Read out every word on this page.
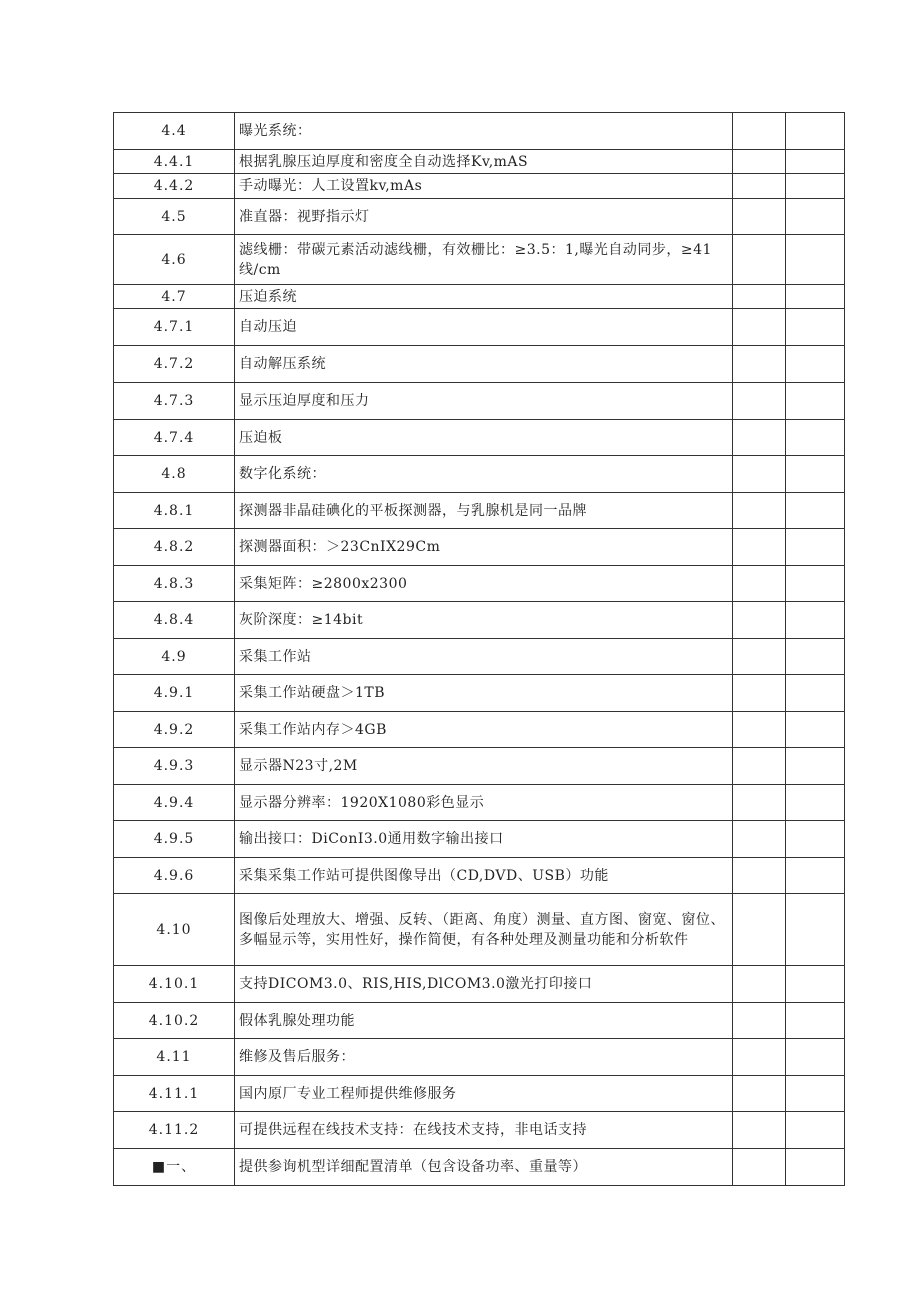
4.4	曝光系统：		
4.4.1	根据乳腺压迫厚度和密度全自动选择Kv,mAS		
4.4.2	手动曝光：人工设置kv,mAs		
4.5	准直器：视野指示灯		
4.6	滤线栅：带碳元素活动滤线栅，有效栅比：≥3.5：1,曝光自动同步，≥41线/cm		
4.7	压迫系统		
4.7.1	自动压迫		
4.7.2	自动解压系统		
4.7.3	显示压迫厚度和压力		
4.7.4	压迫板		
4.8	数字化系统：		
4.8.1	探测器非晶硅碘化的平板探测器，与乳腺机是同一品牌		
4.8.2	探测器面积：＞23CnIX29Cm		
4.8.3	采集矩阵：≥2800x2300		
4.8.4	灰阶深度：≥14bit		
4.9	采集工作站		
4.9.1	采集工作站硬盘＞1TB		
4.9.2	采集工作站内存＞4GB		
4.9.3	显示器N23寸,2M		
4.9.4	显示器分辨率：1920X1080彩色显示		
4.9.5	输出接口：DiConI3.0通用数字输出接口		
4.9.6	采集采集工作站可提供图像导出（CD,DVD、USB）功能		
4.10	图像后处理放大、增强、反转、（距离、角度）测量、直方图、窗宽、窗位、多幅显示等，实用性好，操作简便，有各种处理及测量功能和分析软件		
4.10.1	支持DICOM3.0、RIS,HIS,DlCOM3.0激光打印接口		
4.10.2	假体乳腺处理功能		
4.11	维修及售后服务：		
4.11.1	国内原厂专业工程师提供维修服务		
4.11.2	可提供远程在线技术支持：在线技术支持，非电话支持		
■一、	提供参询机型详细配置清单（包含设备功率、重量等）		
